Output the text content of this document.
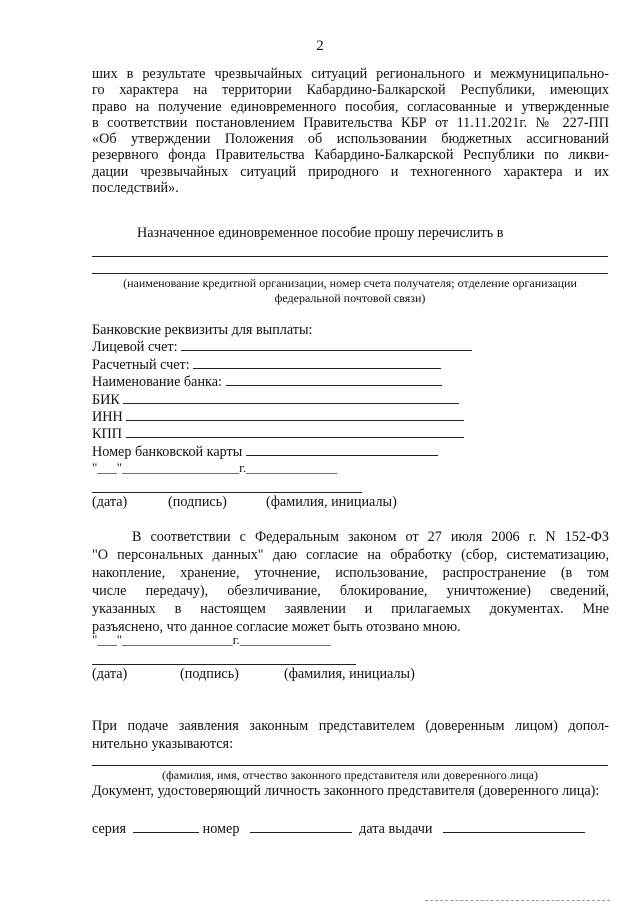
2

ших в результате чрезвычайных ситуаций регионального и межмуниципально-

го характера на территории Кабардино-Балкарской Республики, имеющих

право на получение единовременного пособия, согласованные и утвержденные

в соответствии постановлением Правительства КБР от 11.11.2021г. № 227-ПП

«Об утверждении Положения об использовании бюджетных ассигнований

резервного фонда Правительства Кабардино-Балкарской Республики по ликви-

дации чрезвычайных ситуаций природного и техногенного характера и их

последствий».

Назначенное единовременное пособие прошу перечислить в
(наименование кредитной организации, номер счета получателя; отделение организации
федеральной почтовой связи)
Банковские реквизиты для выплаты:
Лицевой счет:
Расчетный счет:
Наименование банка:
БИК
ИНН
КПП
Номер банковской карты
"___"__________________г.______________
(дата)	(подпись)	(фамилия, инициалы)

В соответствии с Федеральным законом от 27 июля 2006 г. N 152-ФЗ

"О персональных данных" даю согласие на обработку (сбор, систематизацию,

накопление, хранение, уточнение, использование, распространение (в том

числе передачу), обезличивание, блокирование, уничтожение) сведений,

указанных в настоящем заявлении и прилагаемых документах. Мне

разъяснено, что данное согласие может быть отозвано мною.

"___"_________________г.______________
(дата)	(подпись)	(фамилия, инициалы)

При подаче заявления законным представителем (доверенным лицом) допол-

нительно указываются:

(фамилия, имя, отчество законного представителя или доверенного лица)
Документ, удостоверяющий личность законного представителя (доверенного лица):
серия	номер	дата выдачи
